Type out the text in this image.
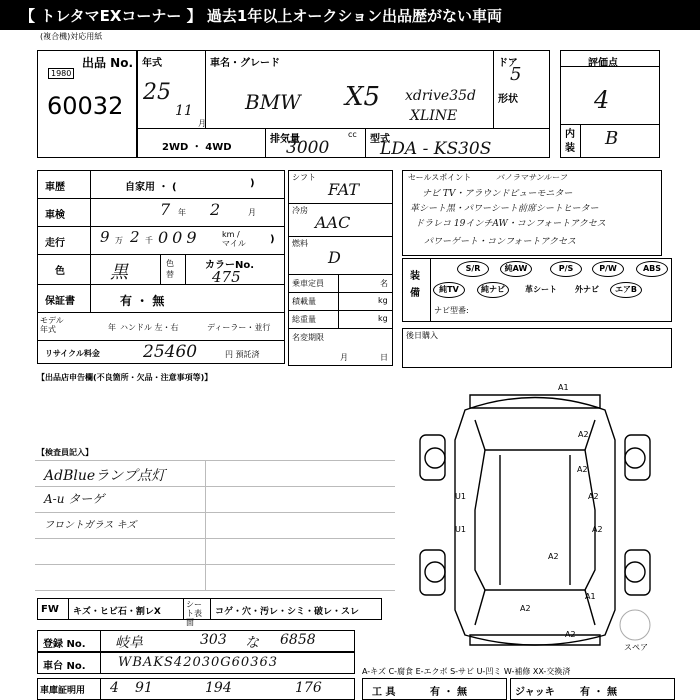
【 トレタマEXコーナー 】 過去1年以上オークション出品歴がない車両
(複合機)対応用紙
出品 No.
1980
60032
年式
25
11
月
車名・グレード
BMW X5 xdrive35d
XLINE
ドア
5
形状
2WD ・ 4WD
排気量	cc
3000	型式
LDA - KS30S
評価点
4
内装 B
車歴	自家用 ・ (	)
車検	7 年 2	月
走行 9 万 2 千 009	km / マイル )
色	黒	色替
カラーNo.
475
保証書	有 ・ 無
モデル年式	年 ハンドル 左・右	ディーラー・並行
リサイクル料金	25460	円 預託済
シフト
FAT
冷房
AAC
燃料
D
乗車定員	名
積載量	kg
総重量	kg
名変期限
月	日
セールスポイント	パノラマサンルーフ
ナビ TV・アラウンドビューモニター
革シート黒・パワーシート前席シートヒーター
ドラレコ 19インチAW・コンフォートアクセス
パワーゲート・コンフォートアクセス
装備
ナビ型番:
S/R	純AW	P/S	P/W	ABS
純TV	純ナビ	革シート	外ナビ	エアB
後日購入
【出品店申告欄(不良箇所・欠品・注意事項等)】
【検査員記入】
AdBlueランプ点灯
A-u ターゲ
フロントガラス キズ
FW キズ・ヒビ石・割レX
シート表面
コゲ・穴・汚レ・シミ・破レ・スレ
登録 No. 岐阜	303 な 6858
車台 No. WBAKS42030G60363
車庫証明用 4 91	194	176
A-キズ C-腐食 E-エクボ S-サビ U-凹ミ W-補修 XX-交換済
工 具	有 ・ 無	ジャッキ	有 ・ 無
A1
A2
A2
A2
U1
U1	A2
A2
A1
A2
A2
スペア
